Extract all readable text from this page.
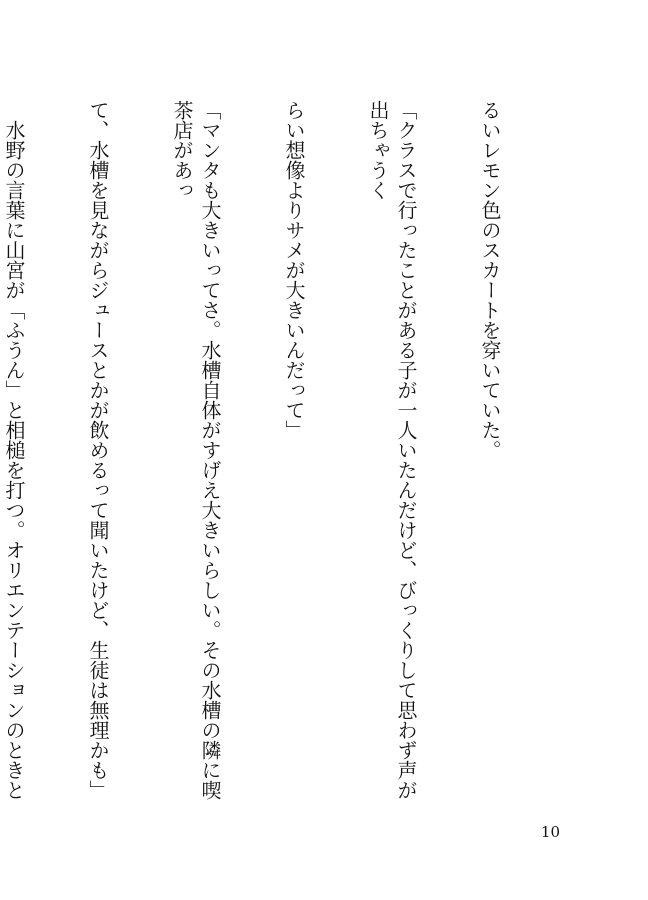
るいレモン色のスカートを穿いていた。

「クラスで行ったことがある子が一人いたんだけど、びっくりして思わず声が出ちゃうく

らい想像よりサメが大きいんだって」

「マンタも大きいってさ。水槽自体がすげえ大きいらしい。その水槽の隣に喫茶店があっ

て、水槽を見ながらジュースとかが飲めるって聞いたけど、生徒は無理かも」

　水野の言葉に山宮が「ふうん」と相槌を打つ。オリエンテーションのときと

10
